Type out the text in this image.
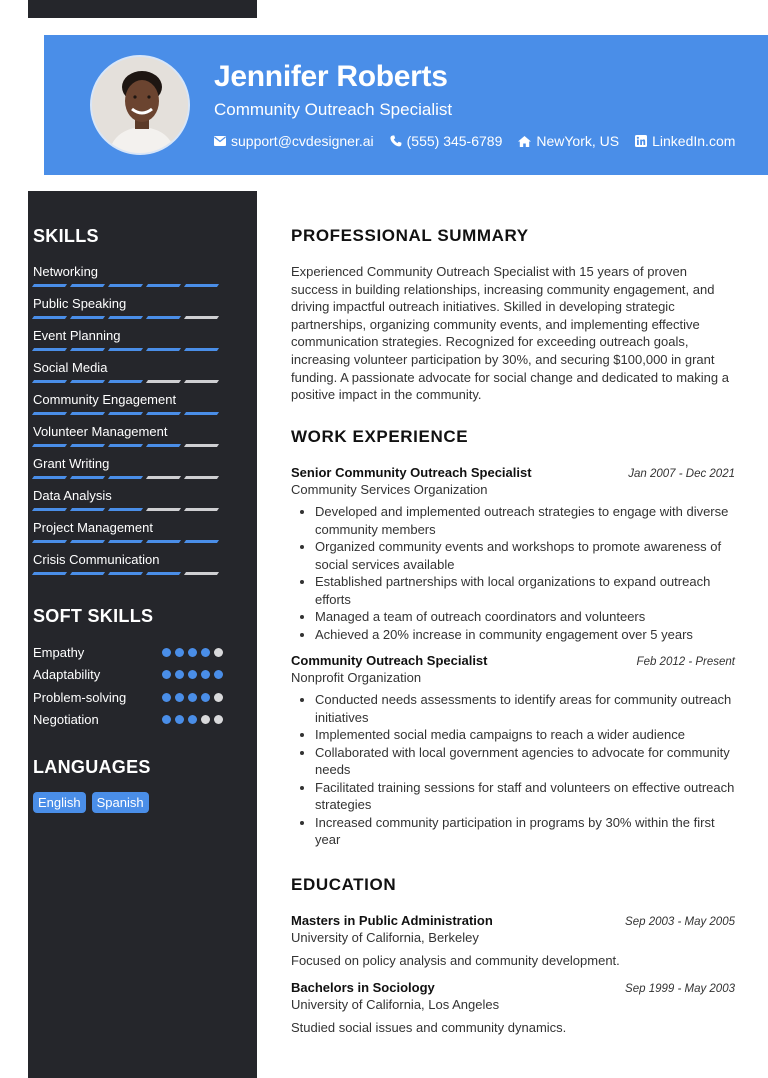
Jennifer Roberts
Community Outreach Specialist
support@cvdesigner.ai (555) 345-6789 NewYork, US LinkedIn.com
SKILLS
Networking
Public Speaking
Event Planning
Social Media
Community Engagement
Volunteer Management
Grant Writing
Data Analysis
Project Management
Crisis Communication
SOFT SKILLS
Empathy
Adaptability
Problem-solving
Negotiation
LANGUAGES
English	Spanish
PROFESSIONAL SUMMARY
Experienced Community Outreach Specialist with 15 years of proven success in building relationships, increasing community engagement, and driving impactful outreach initiatives. Skilled in developing strategic partnerships, organizing community events, and implementing effective communication strategies. Recognized for exceeding outreach goals, increasing volunteer participation by 30%, and securing $100,000 in grant funding. A passionate advocate for social change and dedicated to making a positive impact in the community.
WORK EXPERIENCE
Senior Community Outreach Specialist	Jan 2007 - Dec 2021
Community Services Organization
• Developed and implemented outreach strategies to engage with diverse community members
• Organized community events and workshops to promote awareness of social services available
• Established partnerships with local organizations to expand outreach efforts
• Managed a team of outreach coordinators and volunteers
• Achieved a 20% increase in community engagement over 5 years
Community Outreach Specialist	Feb 2012 - Present
Nonprofit Organization
• Conducted needs assessments to identify areas for community outreach initiatives
• Implemented social media campaigns to reach a wider audience
• Collaborated with local government agencies to advocate for community needs
• Facilitated training sessions for staff and volunteers on effective outreach strategies
• Increased community participation in programs by 30% within the first year
EDUCATION
Masters in Public Administration	Sep 2003 - May 2005
University of California, Berkeley
Focused on policy analysis and community development.
Bachelors in Sociology	Sep 1999 - May 2003
University of California, Los Angeles
Studied social issues and community dynamics.
